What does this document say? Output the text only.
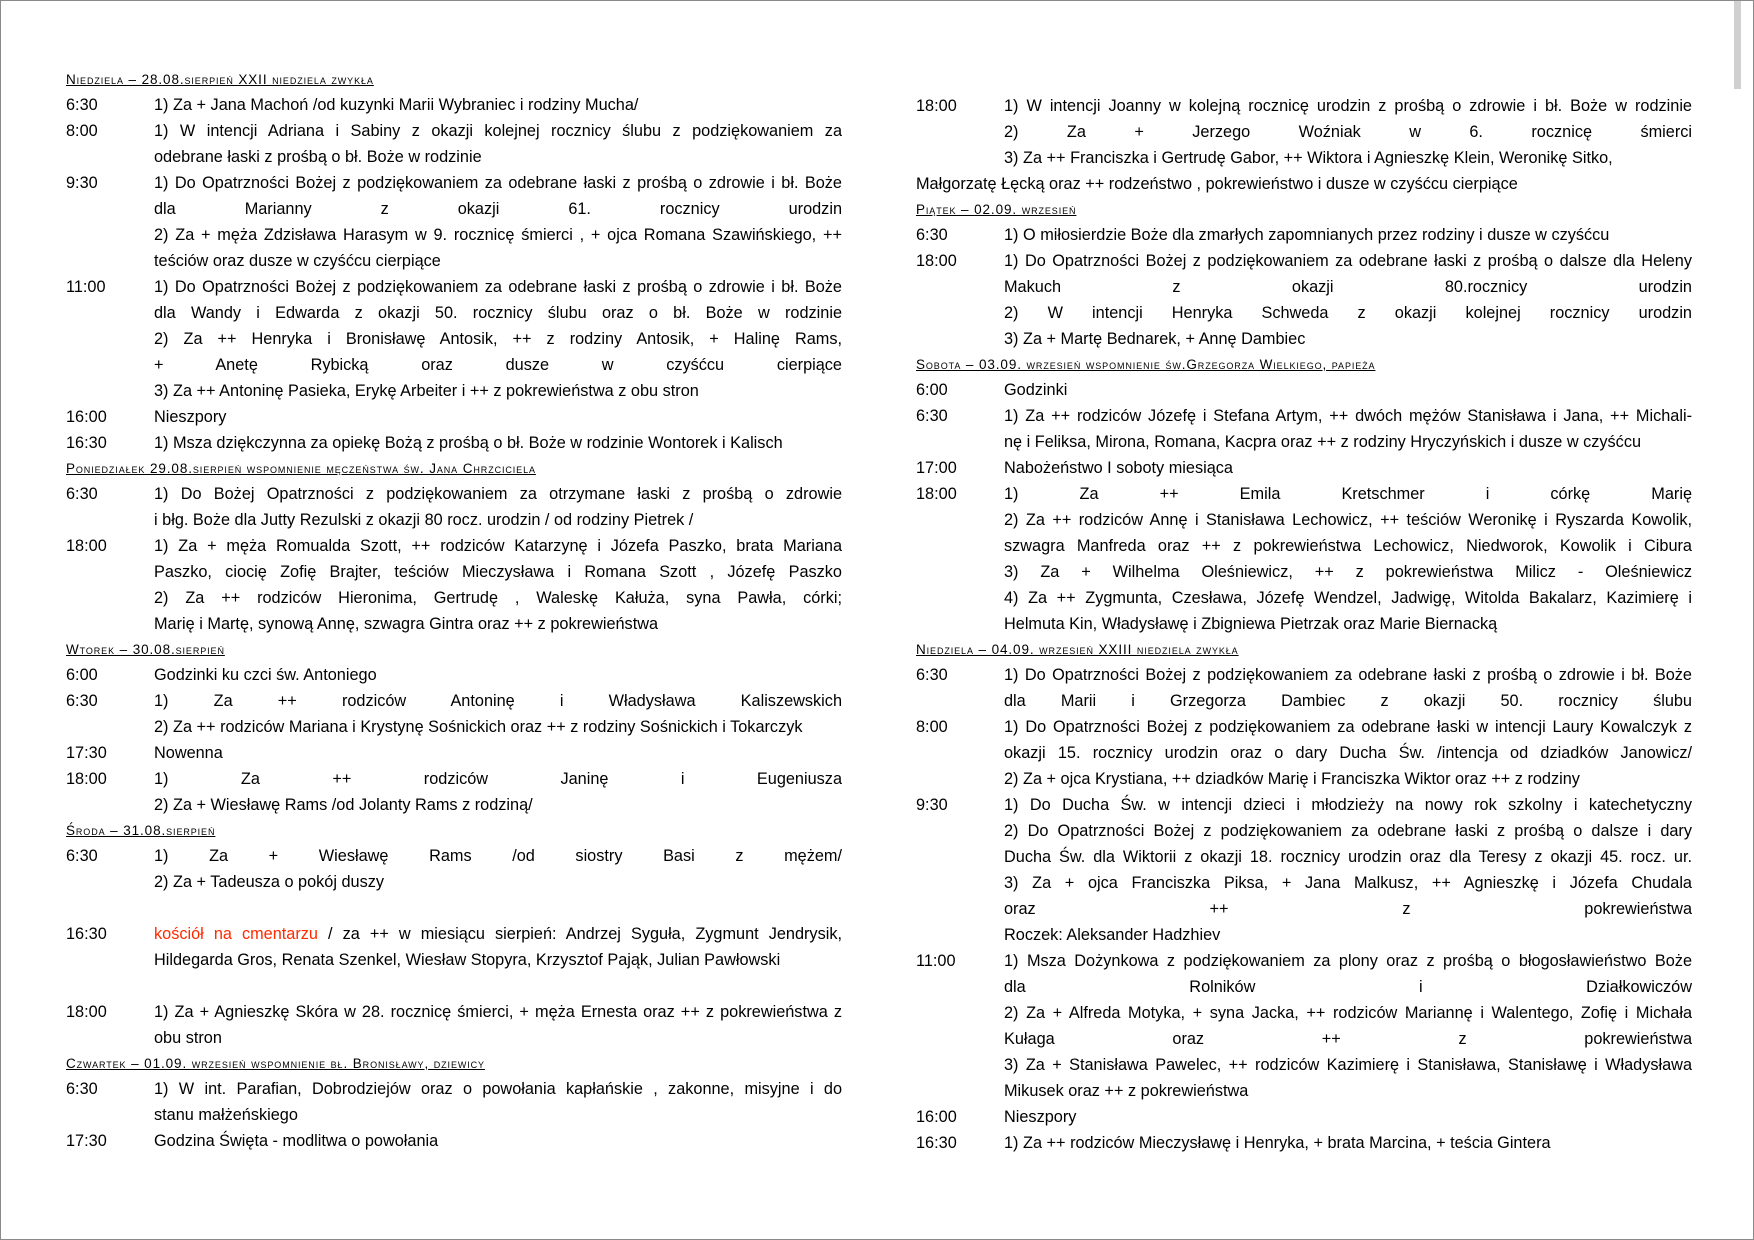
Niedziela – 28.08.sierpień XXII niedziela zwykła
6:30	1) Za + Jana Machoń /od kuzynki Marii Wybraniec i rodziny Mucha/
8:00	1) W intencji Adriana i Sabiny z okazji kolejnej rocznicy ślubu z podziękowaniem za
odebrane łaski z prośbą o bł. Boże w rodzinie
9:30	1) Do Opatrzności Bożej z podziękowaniem za odebrane łaski z prośbą o zdrowie i bł. Boże
dla Marianny z okazji 61. rocznicy urodzin
2) Za + męża Zdzisława Harasym w 9. rocznicę śmierci , + ojca Romana Szawińskiego, ++
teściów oraz dusze w czyśćcu cierpiące
11:00	1) Do Opatrzności Bożej z podziękowaniem za odebrane łaski z prośbą o zdrowie i bł. Boże
dla Wandy i Edwarda z okazji 50. rocznicy ślubu oraz o bł. Boże w rodzinie
2) Za ++ Henryka i Bronisławę Antosik, ++ z rodziny Antosik, + Halinę Rams,
+ Anetę Rybicką oraz dusze w czyśćcu cierpiące
3) Za ++ Antoninę Pasieka, Erykę Arbeiter i ++ z pokrewieństwa z obu stron
16:00	Nieszpory
16:30	1) Msza dziękczynna za opiekę Bożą z prośbą o bł. Boże w rodzinie Wontorek i Kalisch
Poniedziałek 29.08.sierpień wspomnienie męczeństwa św. Jana Chrzciciela
6:30	1) Do Bożej Opatrzności z podziękowaniem za otrzymane łaski z prośbą o zdrowie
i błg. Boże dla Jutty Rezulski z okazji 80 rocz. urodzin / od rodziny Pietrek /
18:00	1) Za + męża Romualda Szott, ++ rodziców Katarzynę i Józefa Paszko, brata Mariana
Paszko, ciocię Zofię Brajter, teściów Mieczysława i Romana Szott , Józefę Paszko
2) Za ++ rodziców Hieronima, Gertrudę , Waleskę Kałuża, syna Pawła, córki;
Marię i Martę, synową Annę, szwagra Gintra oraz ++ z pokrewieństwa
Wtorek – 30.08.sierpień
6:00	Godzinki ku czci św. Antoniego
6:30	1) Za ++ rodziców Antoninę i Władysława Kaliszewskich
2) Za ++ rodziców Mariana i Krystynę Sośnickich oraz ++ z rodziny Sośnickich i Tokarczyk
17:30	Nowenna
18:00	1) Za ++ rodziców Janinę i Eugeniusza
2) Za + Wiesławę Rams /od Jolanty Rams z rodziną/
Środa – 31.08.sierpień
6:30	1) Za + Wiesławę Rams /od siostry Basi z mężem/
2) Za + Tadeusza o pokój duszy
16:30	kościół na cmentarzu / za ++ w miesiącu sierpień: Andrzej Syguła, Zygmunt Jendrysik,
Hildegarda Gros, Renata Szenkel, Wiesław Stopyra, Krzysztof Pająk, Julian Pawłowski
18:00	1) Za + Agnieszkę Skóra w 28. rocznicę śmierci, + męża Ernesta oraz ++ z pokrewieństwa z
obu stron
Czwartek – 01.09. wrzesień wspomnienie bł. Bronisławy, dziewicy
6:30	1) W int. Parafian, Dobrodziejów oraz o powołania kapłańskie , zakonne, misyjne i do
stanu małżeńskiego
17:30	Godzina Święta - modlitwa o powołania
18:00	1) W intencji Joanny w kolejną rocznicę urodzin z prośbą o zdrowie i bł. Boże w rodzinie
2) Za + Jerzego Woźniak w 6. rocznicę śmierci
3) Za ++ Franciszka i Gertrudę Gabor, ++ Wiktora i Agnieszkę Klein, Weronikę Sitko,
Małgorzatę Łęcką oraz ++ rodzeństwo , pokrewieństwo i dusze w czyśćcu cierpiące
Piątek – 02.09. wrzesień
6:30	1) O miłosierdzie Boże dla zmarłych zapomnianych przez rodziny i dusze w czyśćcu
18:00	1) Do Opatrzności Bożej z podziękowaniem za odebrane łaski z prośbą o dalsze dla Heleny
Makuch z okazji 80.rocznicy urodzin
2) W intencji Henryka Schweda z okazji kolejnej rocznicy urodzin
3) Za + Martę Bednarek, + Annę Dambiec
Sobota – 03.09. wrzesień wspomnienie św.Grzegorza Wielkiego, papieża
6:00	Godzinki
6:30	1) Za ++ rodziców Józefę i Stefana Artym, ++ dwóch mężów Stanisława i Jana, ++ Michali-
nę i Feliksa, Mirona, Romana, Kacpra oraz ++ z rodziny Hryczyńskich i dusze w czyśćcu
17:00	Nabożeństwo I soboty miesiąca
18:00	1) Za ++ Emila Kretschmer i córkę Marię
2) Za ++ rodziców Annę i Stanisława Lechowicz, ++ teściów Weronikę i Ryszarda Kowolik,
szwagra Manfreda oraz ++ z pokrewieństwa Lechowicz, Niedworok, Kowolik i Cibura
3) Za + Wilhelma Oleśniewicz, ++ z pokrewieństwa Milicz - Oleśniewicz
4) Za ++ Zygmunta, Czesława, Józefę Wendzel, Jadwigę, Witolda Bakalarz, Kazimierę i
Helmuta Kin, Władysławę i Zbigniewa Pietrzak oraz Marie Biernacką
Niedziela – 04.09. wrzesień XXIII niedziela zwykła
6:30	1) Do Opatrzności Bożej z podziękowaniem za odebrane łaski z prośbą o zdrowie i bł. Boże
dla Marii i Grzegorza Dambiec z okazji 50. rocznicy ślubu
8:00	1) Do Opatrzności Bożej z podziękowaniem za odebrane łaski w intencji Laury Kowalczyk z
okazji 15. rocznicy urodzin oraz o dary Ducha Św. /intencja od dziadków Janowicz/
2) Za + ojca Krystiana, ++ dziadków Marię i Franciszka Wiktor oraz ++ z rodziny
9:30	1) Do Ducha Św. w intencji dzieci i młodzieży na nowy rok szkolny i katechetyczny
2) Do Opatrzności Bożej z podziękowaniem za odebrane łaski z prośbą o dalsze i dary
Ducha Św. dla Wiktorii z okazji 18. rocznicy urodzin oraz dla Teresy z okazji 45. rocz. ur.
3) Za + ojca Franciszka Piksa, + Jana Malkusz, ++ Agnieszkę i Józefa Chudala
oraz ++ z pokrewieństwa
Roczek: Aleksander Hadzhiev
11:00	1) Msza Dożynkowa z podziękowaniem za plony oraz z prośbą o błogosławieństwo Boże
dla Rolników i Działkowiczów
2) Za + Alfreda Motyka, + syna Jacka, ++ rodziców Mariannę i Walentego, Zofię i Michała
Kułaga oraz ++ z pokrewieństwa
3) Za + Stanisława Pawelec, ++ rodziców Kazimierę i Stanisława, Stanisławę i Władysława
Mikusek oraz ++ z pokrewieństwa
16:00	Nieszpory
16:30	1) Za ++ rodziców Mieczysławę i Henryka, + brata Marcina, + teścia Gintera
